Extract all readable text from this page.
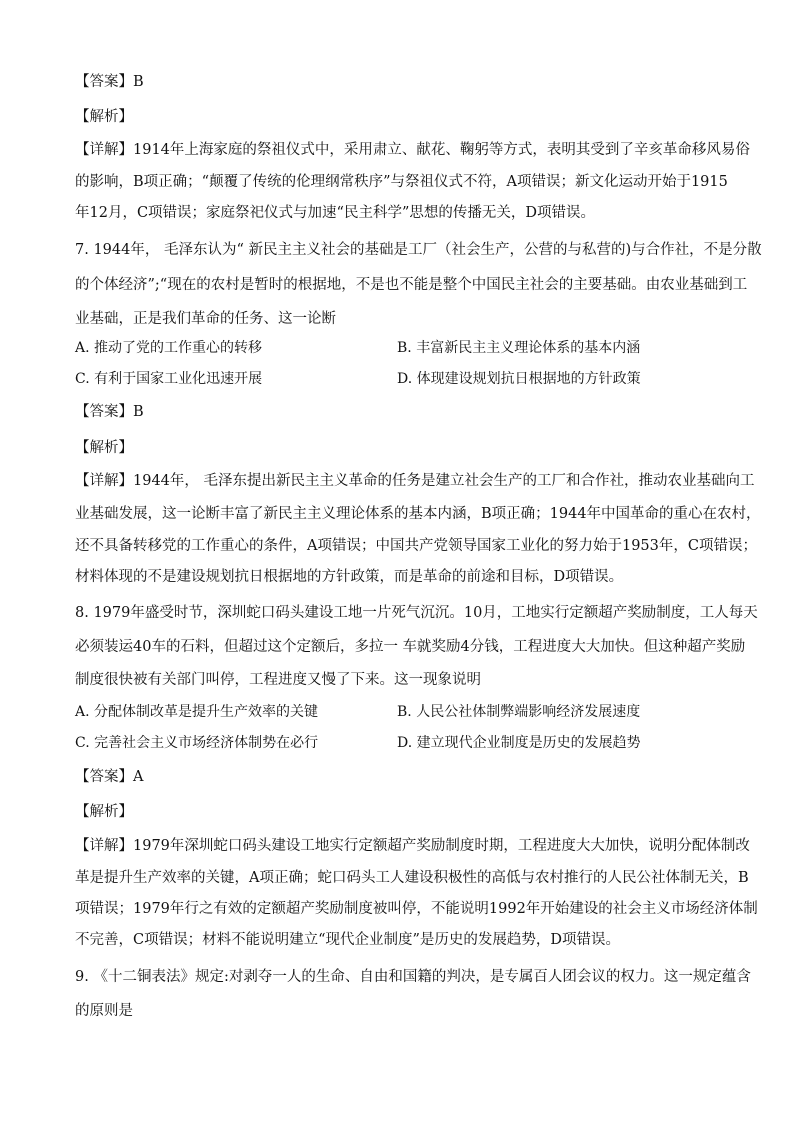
【答案】B
【解析】
【详解】1914年上海家庭的祭祖仪式中，采用肃立、献花、鞠躬等方式，表明其受到了辛亥革命移风易俗
的影响，B项正确；“颠覆了传统的伦理纲常秩序”与祭祖仪式不符，A项错误；新文化运动开始于1915
年12月，C项错误；家庭祭祀仪式与加速“民主科学”思想的传播无关，D项错误。
7. 1944年， 毛泽东认为“ 新民主主义社会的基础是工厂（社会生产，公营的与私营的)与合作社，不是分散
的个体经济”;“现在的农村是暂时的根据地，不是也不能是整个中国民主社会的主要基础。由农业基础到工
业基础，正是我们革命的任务、这一论断
A. 推动了党的工作重心的转移	B. 丰富新民主主义理论体系的基本内涵
C. 有利于国家工业化迅速开展	D. 体现建设规划抗日根据地的方针政策
【答案】B
【解析】
【详解】1944年， 毛泽东提出新民主主义革命的任务是建立社会生产的工厂和合作社，推动农业基础向工
业基础发展，这一论断丰富了新民主主义理论体系的基本内涵，B项正确；1944年中国革命的重心在农村，
还不具备转移党的工作重心的条件，A项错误；中国共产党领导国家工业化的努力始于1953年，C项错误；
材料体现的不是建设规划抗日根据地的方针政策，而是革命的前途和目标，D项错误。
8. 1979年盛受时节，深圳蛇口码头建设工地一片死气沉沉。10月，工地实行定额超产奖励制度，工人每天
必须装运40车的石料，但超过这个定额后，多拉一 车就奖励4分钱，工程进度大大加快。但这种超产奖励
制度很快被有关部门叫停，工程进度又慢了下来。这一现象说明
A. 分配体制改革是提升生产效率的关键	B. 人民公社体制弊端影响经济发展速度
C. 完善社会主义市场经济体制势在必行	D. 建立现代企业制度是历史的发展趋势
【答案】A
【解析】
【详解】1979年深圳蛇口码头建设工地实行定额超产奖励制度时期，工程进度大大加快，说明分配体制改
革是提升生产效率的关键，A项正确；蛇口码头工人建设积极性的高低与农村推行的人民公社体制无关，B
项错误；1979年行之有效的定额超产奖励制度被叫停，不能说明1992年开始建设的社会主义市场经济体制
不完善，C项错误；材料不能说明建立“现代企业制度”是历史的发展趋势，D项错误。
9. 《十二铜表法》规定:对剥夺一人的生命、自由和国籍的判决，是专属百人团会议的权力。这一规定蕴含
的原则是
